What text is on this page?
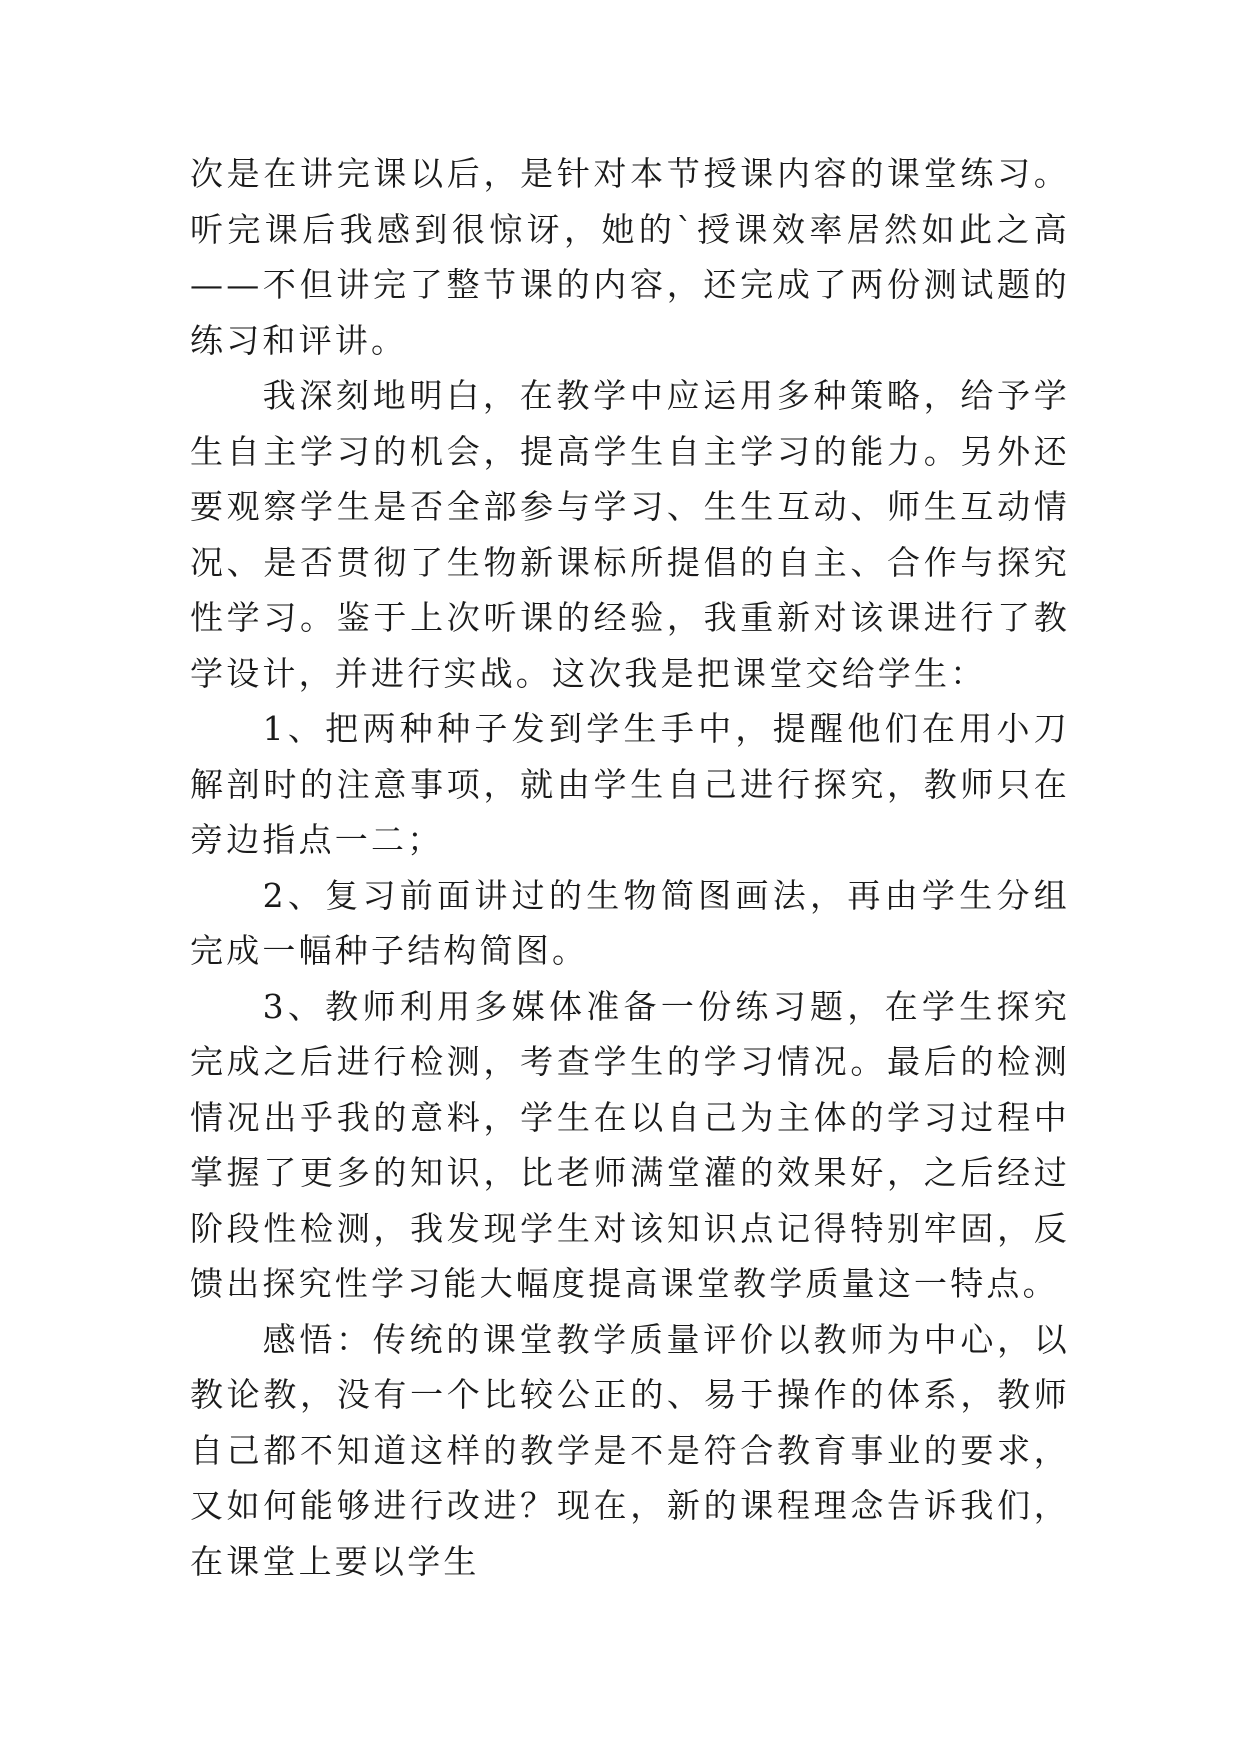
次是在讲完课以后，是针对本节授课内容的课堂练习。听完课后我感到很惊讶，她的`授课效率居然如此之高——不但讲完了整节课的内容，还完成了两份测试题的练习和评讲。

我深刻地明白，在教学中应运用多种策略，给予学生自主学习的机会，提高学生自主学习的能力。另外还要观察学生是否全部参与学习、生生互动、师生互动情况、是否贯彻了生物新课标所提倡的自主、合作与探究性学习。鉴于上次听课的经验，我重新对该课进行了教学设计，并进行实战。这次我是把课堂交给学生：

1、把两种种子发到学生手中，提醒他们在用小刀解剖时的注意事项，就由学生自己进行探究，教师只在旁边指点一二；

2、复习前面讲过的生物简图画法，再由学生分组完成一幅种子结构简图。

3、教师利用多媒体准备一份练习题，在学生探究完成之后进行检测，考查学生的学习情况。最后的检测情况出乎我的意料，学生在以自己为主体的学习过程中掌握了更多的知识，比老师满堂灌的效果好，之后经过阶段性检测，我发现学生对该知识点记得特别牢固，反馈出探究性学习能大幅度提高课堂教学质量这一特点。

感悟：传统的课堂教学质量评价以教师为中心，以教论教，没有一个比较公正的、易于操作的体系，教师自己都不知道这样的教学是不是符合教育事业的要求，又如何能够进行改进？现在，新的课程理念告诉我们，在课堂上要以学生
